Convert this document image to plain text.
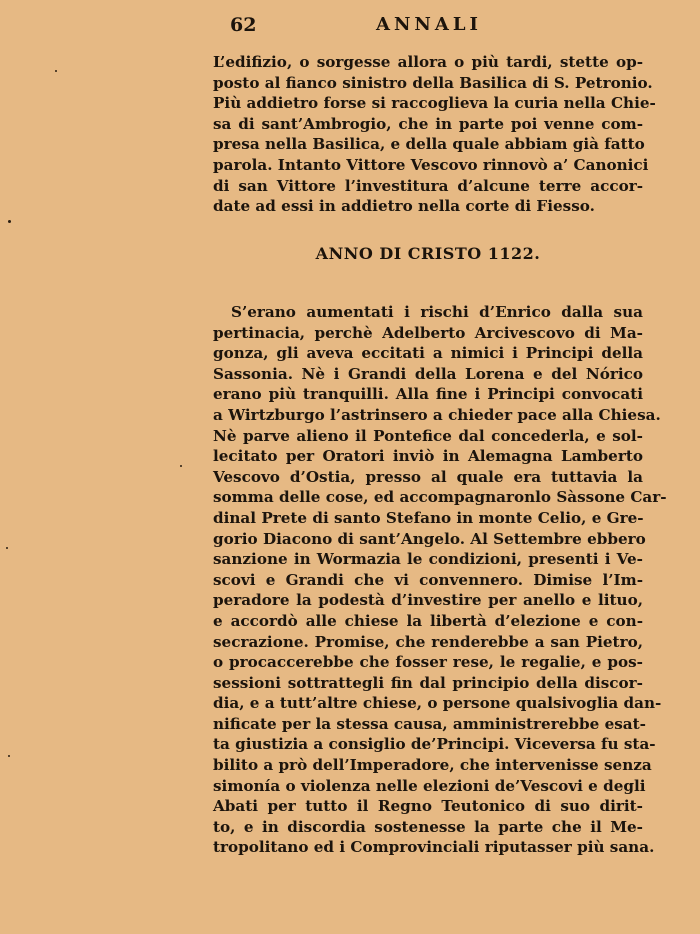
62	ANNALI
L’edifizio, o sorgesse allora o più tardi, stette op-
posto al fianco sinistro della Basilica di S. Petronio.
Più addietro forse si raccoglieva la curia nella Chie-
sa di sant’Ambrogio, che in parte poi venne com-
presa nella Basilica, e della quale abbiam già fatto
parola. Intanto Vittore Vescovo rinnovò a’ Canonici
di san Vittore l’investitura d’alcune terre accor-
date ad essi in addietro nella corte di Fiesso.
ANNO DI CRISTO 1122.
S’erano aumentati i rischi d’Enrico dalla sua
pertinacia, perchè Adelberto Arcivescovo di Ma-
gonza, gli aveva eccitati a nimici i Principi della
Sassonia. Nè i Grandi della Lorena e del Nórico
erano più tranquilli. Alla fine i Principi convocati
a Wirtzburgo l’astrinsero a chieder pace alla Chiesa.
Nè parve alieno il Pontefice dal concederla, e sol-
lecitato per Oratori inviò in Alemagna Lamberto
Vescovo d’Ostia, presso al quale era tuttavia la
somma delle cose, ed accompagnaronlo Sàssone Car-
dinal Prete di santo Stefano in monte Celio, e Gre-
gorio Diacono di sant’Angelo. Al Settembre ebbero
sanzione in Wormazia le condizioni, presenti i Ve-
scovi e Grandi che vi convennero. Dimise l’Im-
peradore la podestà d’investire per anello e lituo,
e accordò alle chiese la libertà d’elezione e con-
secrazione. Promise, che renderebbe a san Pietro,
o procaccerebbe che fosser rese, le regalie, e pos-
sessioni sottrattegli fin dal principio della discor-
dia, e a tutt’altre chiese, o persone qualsivoglia dan-
nificate per la stessa causa, amministrerebbe esat-
ta giustizia a consiglio de’Principi. Viceversa fu sta-
bilito a prò dell’Imperadore, che intervenisse senza
simonía o violenza nelle elezioni de’Vescovi e degli
Abati per tutto il Regno Teutonico di suo dirit-
to, e in discordia sostenesse la parte che il Me-
tropolitano ed i Comprovinciali riputasser più sana.
